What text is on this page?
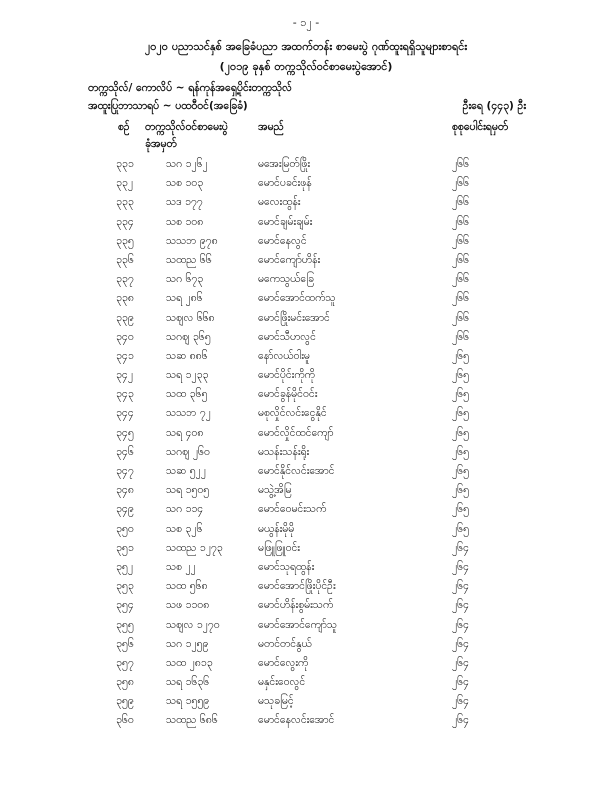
- ၁၂ -
၂၀၂၀ ပညာသင်နှစ် အခြေခံပညာ အထက်တန်း စာမေးပွဲ ဂုဏ်ထူးရရှိသူများစာရင်း
(၂၀၁၉ ခုနှစ် တက္ကသိုလ်ဝင်စာမေးပွဲအောင်)
တက္ကသိုလ်/ ကောလိပ် ~ ရန်ကုန်အရှေ့ပိုင်းတက္ကသိုလ်
အထူးပြုဘာသာရပ် ~ ပထဝီဝင်(အခြေခံ)	ဦးရေ (၄၄၃) ဦး
စဉ် တက္ကသိုလ်ဝင်စာမေးပွဲ
ခုံအမှတ်
အမည်	စုစုပေါင်းရမှတ်
၃၃၁	သဂ ၁၂၆၂	မအေးမြတ်ဖြိုး	၂၆၆
၃၃၂	သစ ၁၀၃	မောင်ပခင်းဖုန်	၂၆၆
၃၃၃	သဒ ၁၇၇	မလေးထွန်း	၂၆၆
၃၃၄	သစ ၁၀၈	မောင်ချမ်းချမ်း	၂၆၆
၃၃၅	သသဘ ၉၇၈	မောင်နေလွင်	၂၆၆
၃၃၆	သထည ၆၆	မောင်ကျော်ဟိန်း	၂၆၆
၃၃၇	သဂ ၆၇၃	မကေသွယ်ခြေ	၂၆၆
၃၃၈	သရ ၂၈၆	မောင်အောင်ထက်သူ	၂၆၆
၃၃၉	သဈလ ၆၆၈	မောင်ဖြိုးမင်းအောင်	၂၆၆
၃၄၀	သဂဈ ၃၆၅	မောင်သီဟလွင်	၂၆၆
၃၄၁	သဆ ၈၈၆	နော်လယ်ဝါးမူ	၂၆၅
၃၄၂	သရ ၁၂၃၃	မောင်ပိုင်းကိုကို	၂၆၅
၃၄၃	သထ ၃၆၅	မောင်ခွန်မိုင်ဝင်း	၂၆၅
၃၄၄	သသဘ ၇၂	မစုလှိုင်လင်းငွေနိုင်	၂၆၅
၃၄၅	သရ ၄၀၈	မောင်လှိုင်ထင်ကျော်	၂၆၅
၃၄၆	သဂဈ ၂၆၀	မသန်းသန်းရိုး	၂၆၅
၃၄၇	သဆ ၅၂၂	မောင်နိုင်လင်းအောင်	၂၆၅
၃၄၈	သရ ၁၅၀၅	မသွဲ့အိမြ	၂၆၅
၃၄၉	သဂ ၁၁၄	မောင်ဝေမင်းသက်	၂၆၅
၃၅၀	သစ ၃၂၆	မယွန်းမိုမို	၂၆၅
၃၅၁	သထည ၁၂၇၃	မဖြူဖြူဝင်း	၂၆၄
၃၅၂	သစ ၂၂	မောင်သုရထွန်း	၂၆၄
၃၅၃	သထ ၅၆၈	မောင်အောင်ဖြိုးပိုင်ဦး	၂၆၄
၃၅၄	သဖ ၁၁၀၈	မောင်ဟိန်းစွမ်းသက်	၂၆၄
၃၅၅	သဈလ ၁၂၇၀	မောင်အောင်ကျော်သူ	၂၆၄
၃၅၆	သဂ ၁၂၅၉	မတင်တင်နွယ်	၂၆၄
၃၅၇	သထ ၂၈၁၃	မောင်လွေးကို	၂၆၄
၃၅၈	သရ ၁၆၃၆	မနှင်းဝေလွင်	၂၆၄
၃၅၉	သရ ၁၅၅၉	မသုခမြင့်	၂၆၄
၃၆၀	သထည ၆၈၆	မောင်နေလင်းအောင်	၂၆၄
